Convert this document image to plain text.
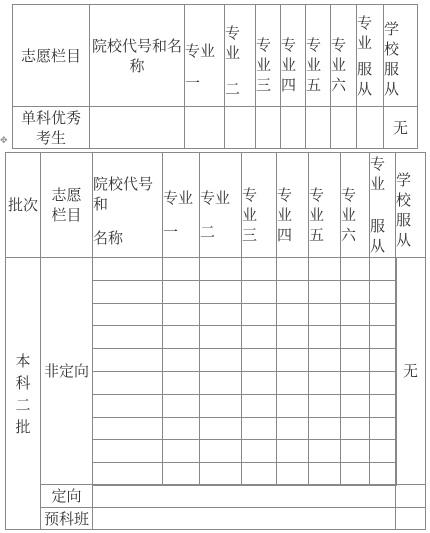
志愿栏目
院校代号和名称
专业
一
专
业
二
专
业
三
专
业
四
专
业
五
专
业
六
专
业
服
从
学
校
服
从
单科优秀考生
无
✥
批次
志愿栏目
院校代号
和
名称
专业
一
专业
二
专
业
三
专
业
四
专
业
五
专
业
六
专
业
服
从
学
校
服
从
本
科
二
批
非定向	无
定向
预科班
